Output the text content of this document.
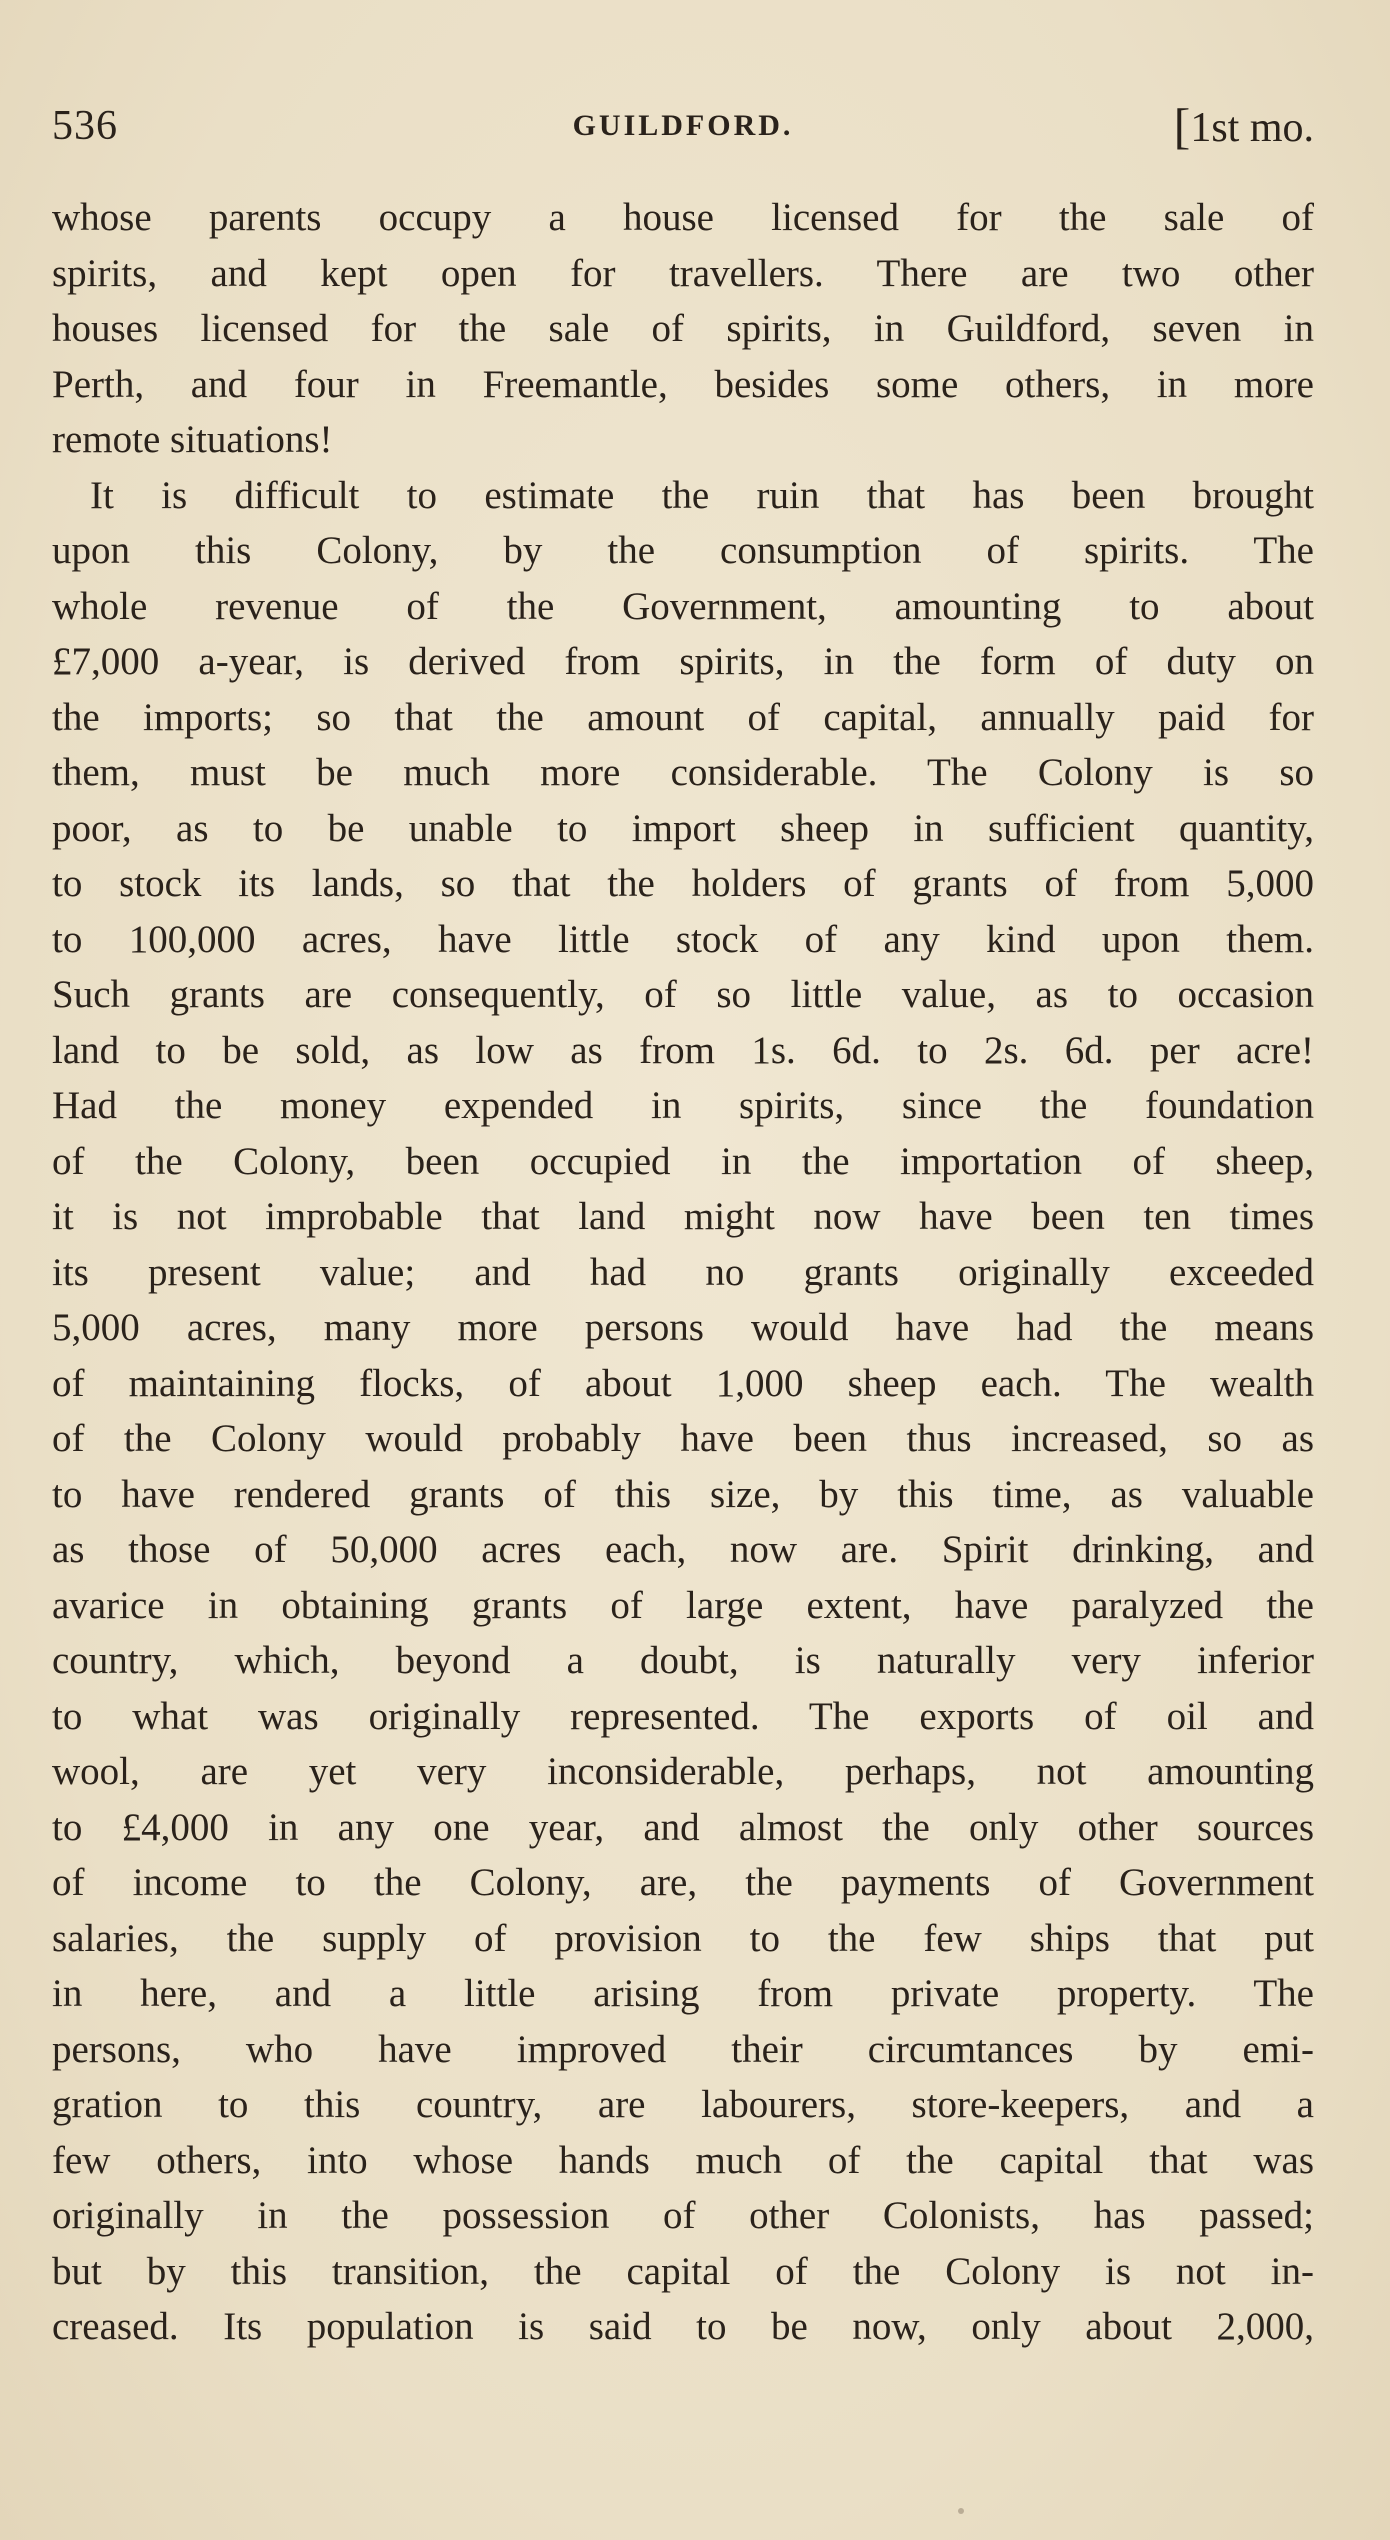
536	GUILDFORD.	[1st mo.
whose parents occupy a house licensed for the sale of
spirits, and kept open for travellers. There are two other
houses licensed for the sale of spirits, in Guildford, seven in
Perth, and four in Freemantle, besides some others, in more
remote situations!
It is difficult to estimate the ruin that has been brought
upon this Colony, by the consumption of spirits. The
whole revenue of the Government, amounting to about
£7,000 a-year, is derived from spirits, in the form of duty on
the imports; so that the amount of capital, annually paid for
them, must be much more considerable. The Colony is so
poor, as to be unable to import sheep in sufficient quantity,
to stock its lands, so that the holders of grants of from 5,000
to 100,000 acres, have little stock of any kind upon them.
Such grants are consequently, of so little value, as to occasion
land to be sold, as low as from 1s. 6d. to 2s. 6d. per acre!
Had the money expended in spirits, since the foundation
of the Colony, been occupied in the importation of sheep,
it is not improbable that land might now have been ten times
its present value; and had no grants originally exceeded
5,000 acres, many more persons would have had the means
of maintaining flocks, of about 1,000 sheep each. The wealth
of the Colony would probably have been thus increased, so as
to have rendered grants of this size, by this time, as valuable
as those of 50,000 acres each, now are. Spirit drinking, and
avarice in obtaining grants of large extent, have paralyzed the
country, which, beyond a doubt, is naturally very inferior
to what was originally represented. The exports of oil and
wool, are yet very inconsiderable, perhaps, not amounting
to £4,000 in any one year, and almost the only other sources
of income to the Colony, are, the payments of Government
salaries, the supply of provision to the few ships that put
in here, and a little arising from private property. The
persons, who have improved their circumtances by emi-
gration to this country, are labourers, store-keepers, and a
few others, into whose hands much of the capital that was
originally in the possession of other Colonists, has passed;
but by this transition, the capital of the Colony is not in-
creased. Its population is said to be now, only about 2,000,
